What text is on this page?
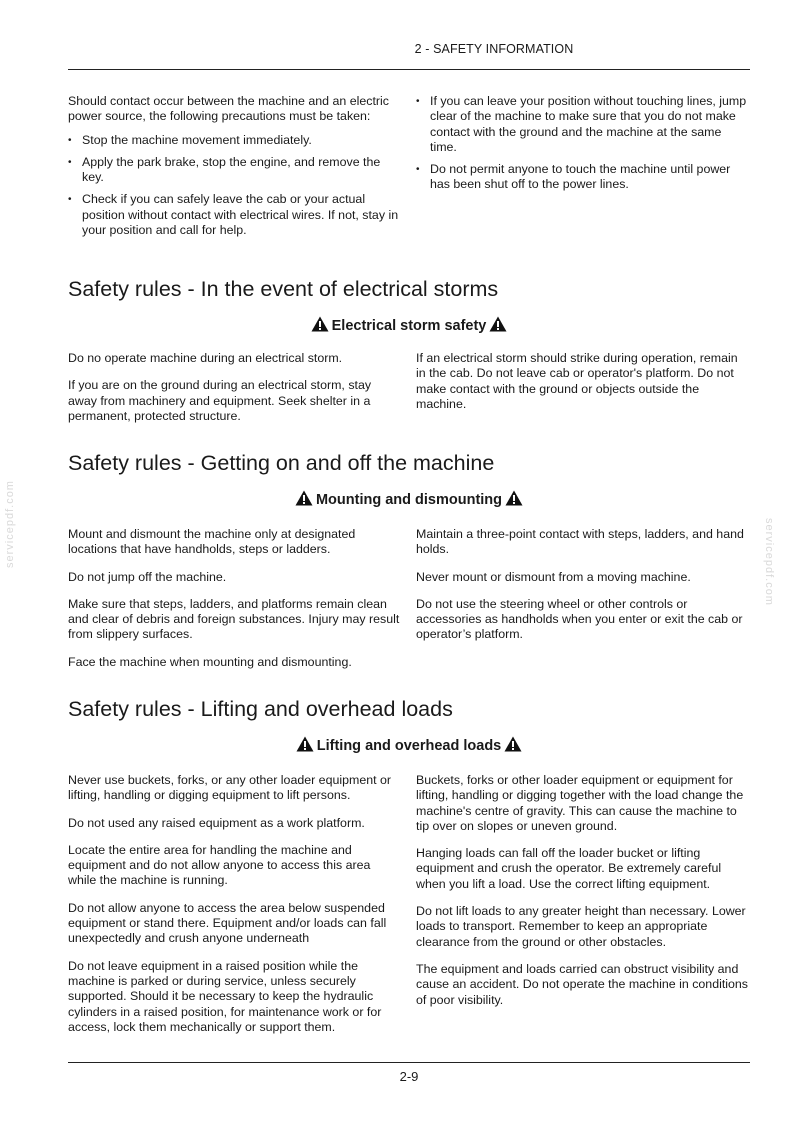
2 - SAFETY INFORMATION
servicepdf.com	servicepdf.com

Should contact occur between the machine and an electric power source, the following precautions must be taken:

• Stop the machine movement immediately.
• Apply the park brake, stop the engine, and remove the key.
• Check if you can safely leave the cab or your actual position without contact with electrical wires. If not, stay in your position and call for help.
• If you can leave your position without touching lines, jump clear of the machine to make sure that you do not make contact with the ground and the machine at the same time.
• Do not permit anyone to touch the machine until power has been shut off to the power lines.
Safety rules - In the event of electrical storms
Electrical storm safety

Do no operate machine during an electrical storm.

If you are on the ground during an electrical storm, stay away from machinery and equipment. Seek shelter in a permanent, protected structure.

If an electrical storm should strike during operation, remain in the cab. Do not leave cab or operator's platform. Do not make contact with the ground or objects outside the machine.

Safety rules - Getting on and off the machine
Mounting and dismounting

Mount and dismount the machine only at designated locations that have handholds, steps or ladders.

Do not jump off the machine.

Make sure that steps, ladders, and platforms remain clean and clear of debris and foreign substances. Injury may result from slippery surfaces.

Face the machine when mounting and dismounting.

Maintain a three-point contact with steps, ladders, and hand holds.

Never mount or dismount from a moving machine.

Do not use the steering wheel or other controls or accessories as handholds when you enter or exit the cab or operator’s platform.

Safety rules - Lifting and overhead loads
Lifting and overhead loads

Never use buckets, forks, or any other loader equipment or lifting, handling or digging equipment to lift persons.

Do not used any raised equipment as a work platform.

Locate the entire area for handling the machine and equipment and do not allow anyone to access this area while the machine is running.

Do not allow anyone to access the area below suspended equipment or stand there. Equipment and/or loads can fall unexpectedly and crush anyone underneath

Do not leave equipment in a raised position while the machine is parked or during service, unless securely supported. Should it be necessary to keep the hydraulic cylinders in a raised position, for maintenance work or for access, lock them mechanically or support them.

Buckets, forks or other loader equipment or equipment for lifting, handling or digging together with the load change the machine's centre of gravity. This can cause the machine to tip over on slopes or uneven ground.

Hanging loads can fall off the loader bucket or lifting equipment and crush the operator. Be extremely careful when you lift a load. Use the correct lifting equipment.

Do not lift loads to any greater height than necessary. Lower loads to transport. Remember to keep an appropriate clearance from the ground or other obstacles.

The equipment and loads carried can obstruct visibility and cause an accident. Do not operate the machine in conditions of poor visibility.

2-9
